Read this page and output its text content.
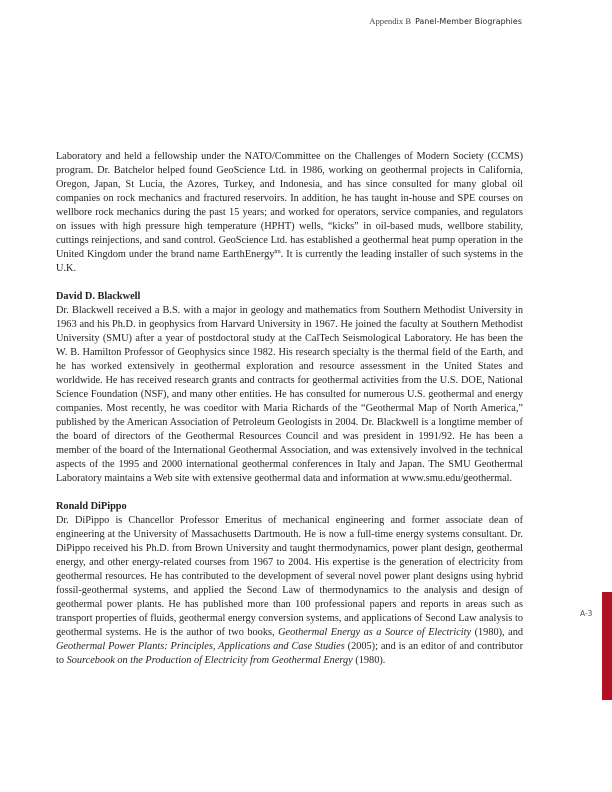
Appendix B Panel-Member Biographies

Laboratory and held a fellowship under the NATO/Committee on the Challenges of Modern Society (CCMS) program. Dr. Batchelor helped found GeoScience Ltd. in 1986, working on geothermal projects in California, Oregon, Japan, St Lucia, the Azores, Turkey, and Indonesia, and has since consulted for many global oil companies on rock mechanics and fractured reservoirs. In addition, he has taught in-house and SPE courses on wellbore rock mechanics during the past 15 years; and worked for operators, service companies, and regulators on issues with high pressure high temperature (HPHT) wells, “kicks” in oil-based muds, wellbore stability, cuttings reinjections, and sand control. GeoScience Ltd. has established a geothermal heat pump operation in the United Kingdom under the brand name EarthEnergy$^{tm}$. It is currently the leading installer of such systems in the U.K.

David D. Blackwell

Dr. Blackwell received a B.S. with a major in geology and mathematics from Southern Methodist University in 1963 and his Ph.D. in geophysics from Harvard University in 1967. He joined the faculty at Southern Methodist University (SMU) after a year of postdoctoral study at the CalTech Seismological Laboratory. He has been the W. B. Hamilton Professor of Geophysics since 1982. His research specialty is the thermal field of the Earth, and he has worked extensively in geothermal exploration and resource assessment in the United States and worldwide. He has received research grants and contracts for geothermal activities from the U.S. DOE, National Science Foundation (NSF), and many other entities. He has consulted for numerous U.S. geothermal and energy companies. Most recently, he was coeditor with Maria Richards of the “Geothermal Map of North America,” published by the American Association of Petroleum Geologists in 2004. Dr. Blackwell is a longtime member of the board of directors of the Geothermal Resources Council and was president in 1991/92. He has been a member of the board of the International Geothermal Association, and was extensively involved in the technical aspects of the 1995 and 2000 international geothermal conferences in Italy and Japan. The SMU Geothermal Laboratory maintains a Web site with extensive geothermal data and information at www.smu.edu/geothermal.

Ronald DiPippo

Dr. DiPippo is Chancellor Professor Emeritus of mechanical engineering and former associate dean of engineering at the University of Massachusetts Dartmouth. He is now a full-time energy systems consultant. Dr. DiPippo received his Ph.D. from Brown University and taught thermodynamics, power plant design, geothermal energy, and other energy-related courses from 1967 to 2004. His expertise is the generation of electricity from geothermal resources. He has contributed to the development of several novel power plant designs using hybrid fossil-geothermal systems, and applied the Second Law of thermodynamics to the analysis and design of geothermal power plants. He has published more than 100 professional papers and reports in areas such as transport properties of fluids, geothermal energy conversion systems, and applications of Second Law analysis to geothermal systems. He is the author of two books, Geothermal Energy as a Source of Electricity (1980), and Geothermal Power Plants: Principles, Applications and Case Studies (2005); and is an editor of and contributor to Sourcebook on the Production of Electricity from Geothermal Energy (1980).

A-3
